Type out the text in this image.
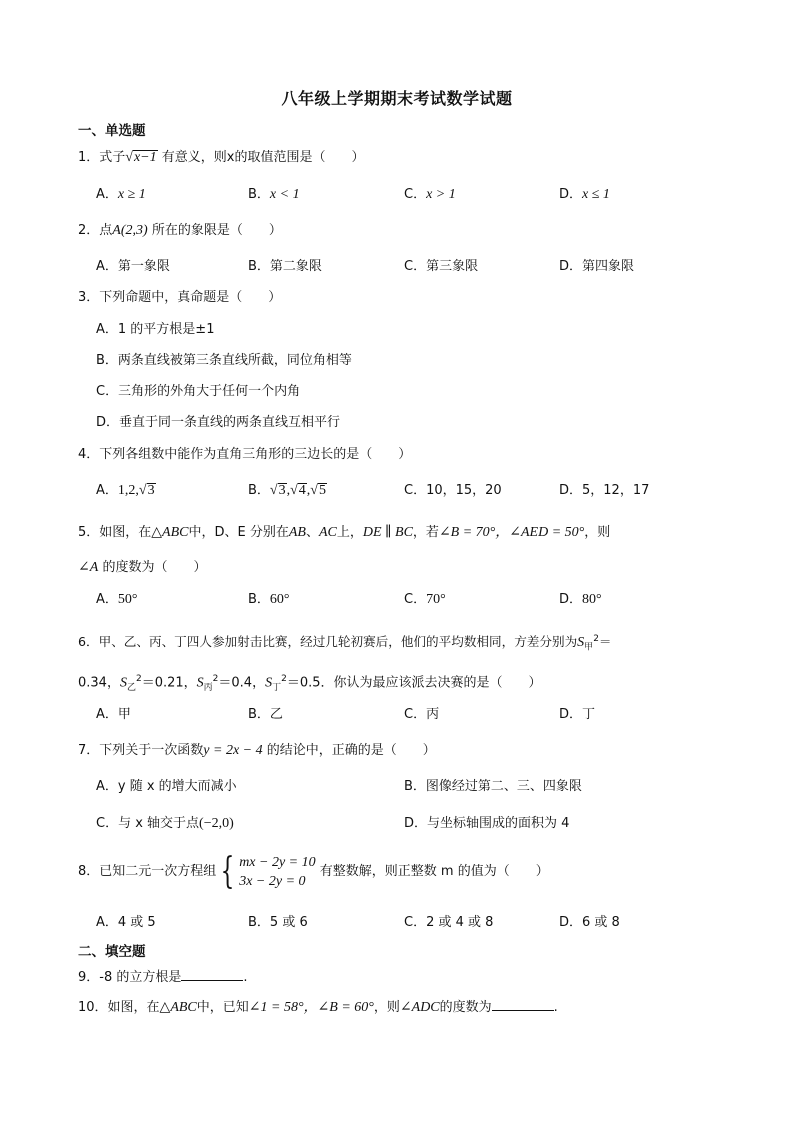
八年级上学期期末考试数学试题
一、单选题
1．式子√x−1 有意义，则x的取值范围是（　　）
A．x ≥ 1	B．x < 1	C．x > 1	D．x ≤ 1
2．点A(2,3) 所在的象限是（　　）
A．第一象限	B．第二象限	C．第三象限	D．第四象限
3．下列命题中，真命题是（　　）
A．1 的平方根是±1
B．两条直线被第三条直线所截，同位角相等
C．三角形的外角大于任何一个内角
D．垂直于同一条直线的两条直线互相平行
4．下列各组数中能作为直角三角形的三边长的是（　　）
A．1,2,√3	B．√3,√4,√5	C．10，15，20	D．5，12，17
5．如图，在△ABC中，D、E 分别在AB、AC上，DE ∥ BC，若∠B = 70°，∠AED = 50°，则
∠A 的度数为（　　）
A．50°	B．60°	C．70°	D．80°
6．甲、乙、丙、丁四人参加射击比赛，经过几轮初赛后，他们的平均数相同，方差分别为$S_甲^2=$
0.34，$S_乙^2=0.21$，$S_丙^2=0.4$，$S_丁^2=0.5$．你认为最应该派去决赛的是（　　）
A．甲	B．乙	C．丙	D．丁
7．下列关于一次函数y = 2x − 4 的结论中，正确的是（　　）
A．y 随 x 的增大而减小	B．图像经过第二、三、四象限
C．与 x 轴交于点(−2,0)	D．与坐标轴围成的面积为 4
8．已知二元一次方程组 { mx − 2y = 10
3x − 2y = 0
有整数解，则正整数 m 的值为（　　）
A．4 或 5	B．5 或 6	C．2 或 4 或 8	D．6 或 8
二、填空题
9．-8 的立方根是	.
10．如图，在△ABC中，已知∠1 = 58°，∠B = 60°，则∠ADC的度数为	.
